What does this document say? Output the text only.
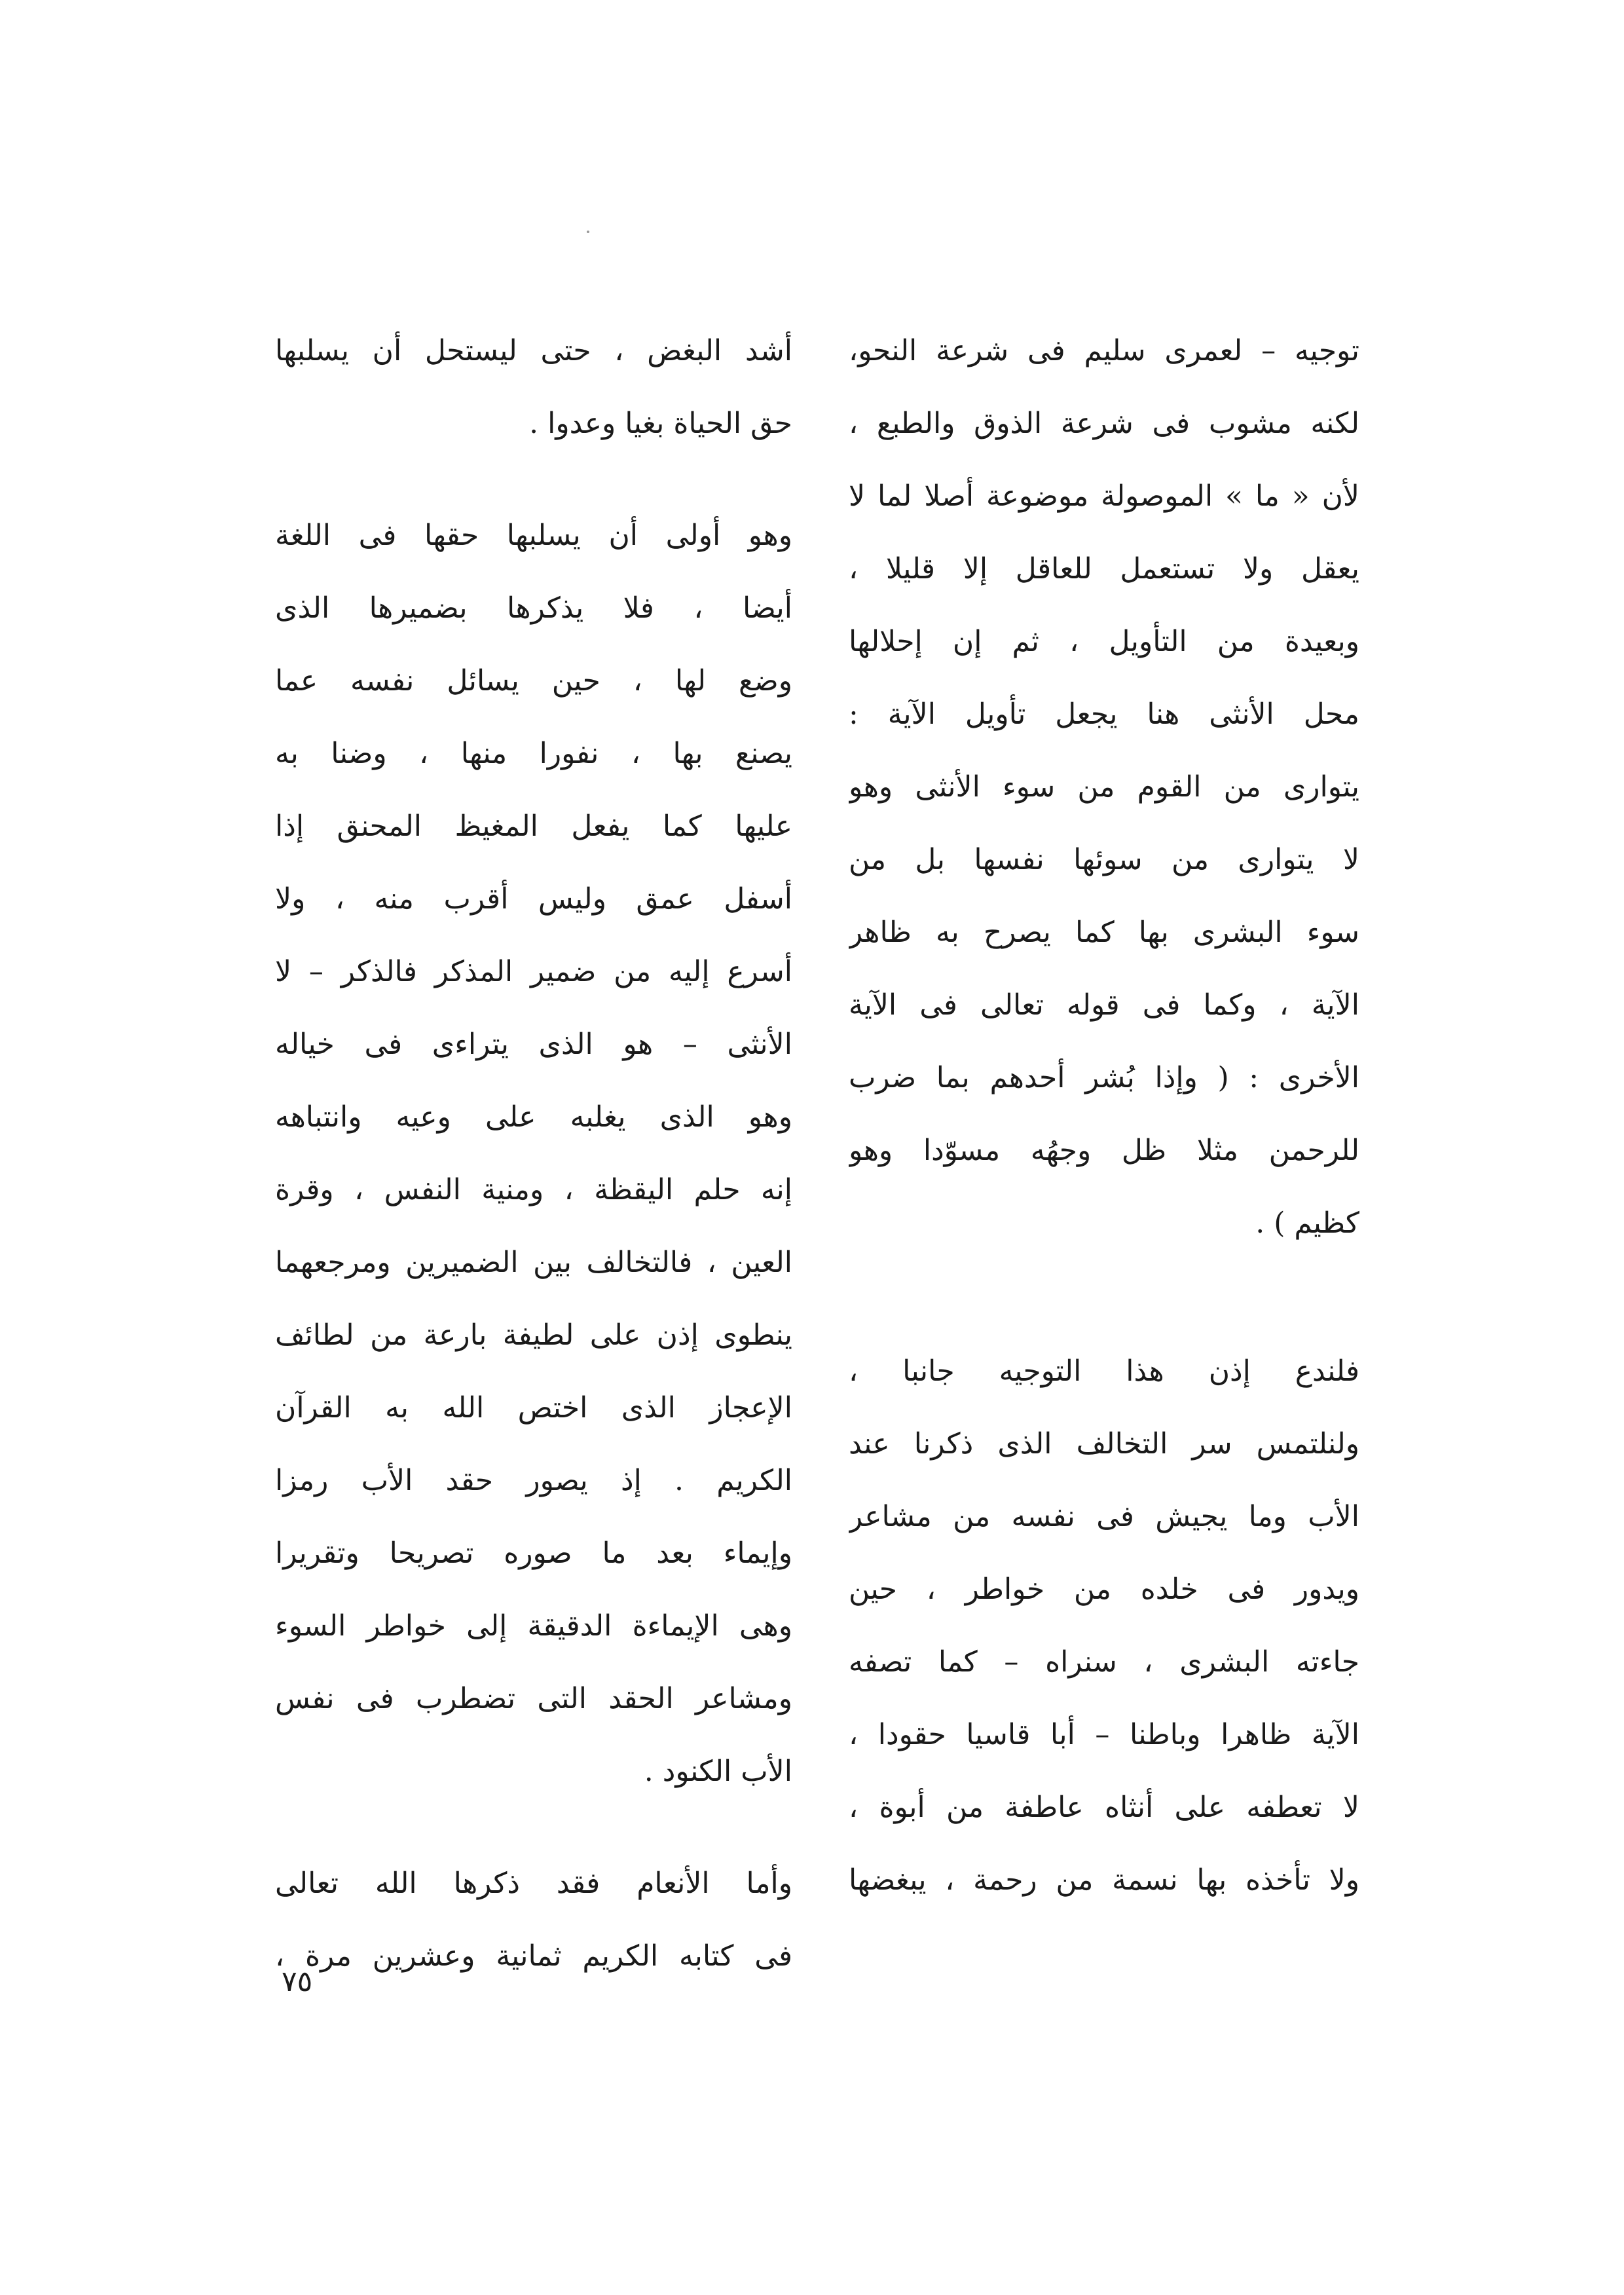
توجيه – لعمرى سليم فى شرعة النحو،
لكنه مشوب فى شرعة الذوق والطبع ،
لأن « ما » الموصولة موضوعة أصلا لما لا
يعقل ولا تستعمل للعاقل إلا قليلا ،
وبعيدة من التأويل ، ثم إن إحلالها
محل الأنثى هنا يجعل تأويل الآية :
يتوارى من القوم من سوء الأنثى وهو
لا يتوارى من سوئها نفسها بل من
سوء البشرى بها كما يصرح به ظاهر
الآية ، وكما فى قوله تعالى فى الآية
الأخرى : ( وإذا بُشر أحدهم بما ضرب
للرحمن مثلا ظل وجهُه مسوّدا وهو
كظيم ) .
فلندع إذن هذا التوجيه جانبا ،
ولنلتمس سر التخالف الذى ذكرنا عند
الأب وما يجيش فى نفسه من مشاعر
ويدور فى خلده من خواطر ، حين
جاءته البشرى ، سنراه – كما تصفه
الآية ظاهرا وباطنا – أبا قاسيا حقودا ،
لا تعطفه على أنثاه عاطفة من أبوة ،
ولا تأخذه بها نسمة من رحمة ، يبغضها
أشد البغض ، حتى ليستحل أن يسلبها
حق الحياة بغيا وعدوا .
وهو أولى أن يسلبها حقها فى اللغة
أيضا ، فلا يذكرها بضميرها الذى
وضع لها ، حين يسائل نفسه عما
يصنع بها ، نفورا منها ، وضنا به
عليها كما يفعل المغيظ المحنق إذا
أسفل عمق وليس أقرب منه ، ولا
أسرع إليه من ضمير المذكر فالذكر – لا
الأنثى – هو الذى يتراءى فى خياله
وهو الذى يغلبه على وعيه وانتباهه
إنه حلم اليقظة ، ومنية النفس ، وقرة
العين ، فالتخالف بين الضميرين ومرجعهما
ينطوى إذن على لطيفة بارعة من لطائف
الإعجاز الذى اختص الله به القرآن
الكريم . إذ يصور حقد الأب رمزا
وإيماء بعد ما صوره تصريحا وتقريرا
وهى الإيماءة الدقيقة إلى خواطر السوء
ومشاعر الحقد التى تضطرب فى نفس
الأب الكنود .
وأما الأنعام فقد ذكرها الله تعالى
فى كتابه الكريم ثمانية وعشرين مرة ،
٧٥
